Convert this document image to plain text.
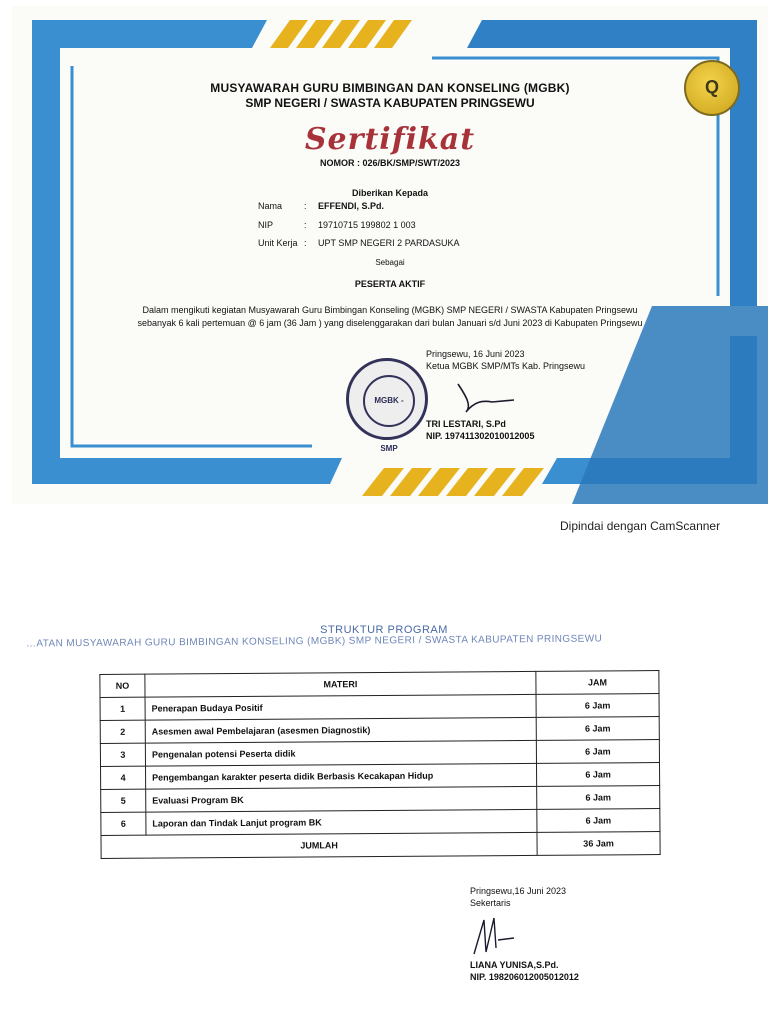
Q
MUSYAWARAH GURU BIMBINGAN DAN KONSELING (MGBK)
SMP NEGERI / SWASTA KABUPATEN PRINGSEWU
Sertifikat
NOMOR : 026/BK/SMP/SWT/2023
Diberikan Kepada
Nama	:	EFFENDI, S.Pd.
NIP	:	19710715 199802 1 003
Unit Kerja :	UPT SMP NEGERI 2 PARDASUKA
Sebagai
PESERTA AKTIF
Dalam mengikuti kegiatan Musyawarah Guru Bimbingan Konseling (MGBK) SMP NEGERI / SWASTA Kabupaten Pringsewu
sebanyak 6 kali pertemuan @ 6 jam (36 Jam ) yang diselenggarakan dari bulan Januari s/d Juni 2023 di Kabupaten Pringsewu
MGBK - SMP
Pringsewu, 16 Juni 2023
Ketua MGBK SMP/MTs Kab. Pringsewu
TRI LESTARI, S.Pd
NIP. 197411302010012005
Dipindai dengan CamScanner
STRUKTUR PROGRAM
…ATAN MUSYAWARAH GURU BIMBINGAN KONSELING (MGBK) SMP NEGERI / SWASTA KABUPATEN PRINGSEWU
NO	MATERI	JAM
1	Penerapan Budaya Positif	6 Jam
2	Asesmen awal Pembelajaran (asesmen Diagnostik)	6 Jam
3	Pengenalan potensi Peserta didik	6 Jam
4	Pengembangan karakter peserta didik Berbasis Kecakapan Hidup	6 Jam
5	Evaluasi Program BK	6 Jam
6	Laporan dan Tindak Lanjut program BK	6 Jam
JUMLAH		36 Jam
Pringsewu,16 Juni 2023
Sekertaris
LIANA YUNISA,S.Pd.
NIP. 198206012005012012
